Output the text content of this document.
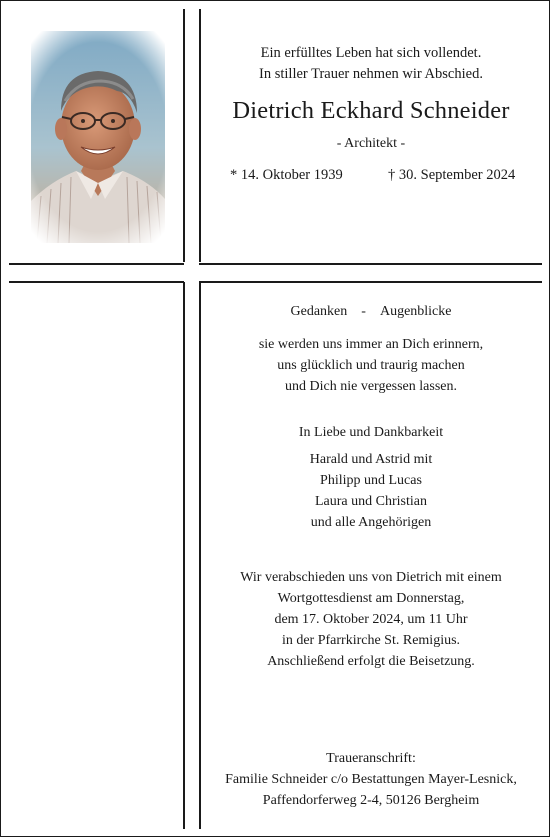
Ein erfülltes Leben hat sich vollendet.
In stiller Trauer nehmen wir Abschied.
Dietrich Eckhard Schneider
- Architekt -
* 14. Oktober 1939	† 30. September 2024
Gedanken - Augenblicke
sie werden uns immer an Dich erinnern,
uns glücklich und traurig machen
und Dich nie vergessen lassen.
In Liebe und Dankbarkeit
Harald und Astrid mit
Philipp und Lucas
Laura und Christian
und alle Angehörigen
Wir verabschieden uns von Dietrich mit einem
Wortgottesdienst am Donnerstag,
dem 17. Oktober 2024, um 11 Uhr
in der Pfarrkirche St. Remigius.
Anschließend erfolgt die Beisetzung.
Traueranschrift:
Familie Schneider c/o Bestattungen Mayer-Lesnick,
Paffendorferweg 2-4, 50126 Bergheim
